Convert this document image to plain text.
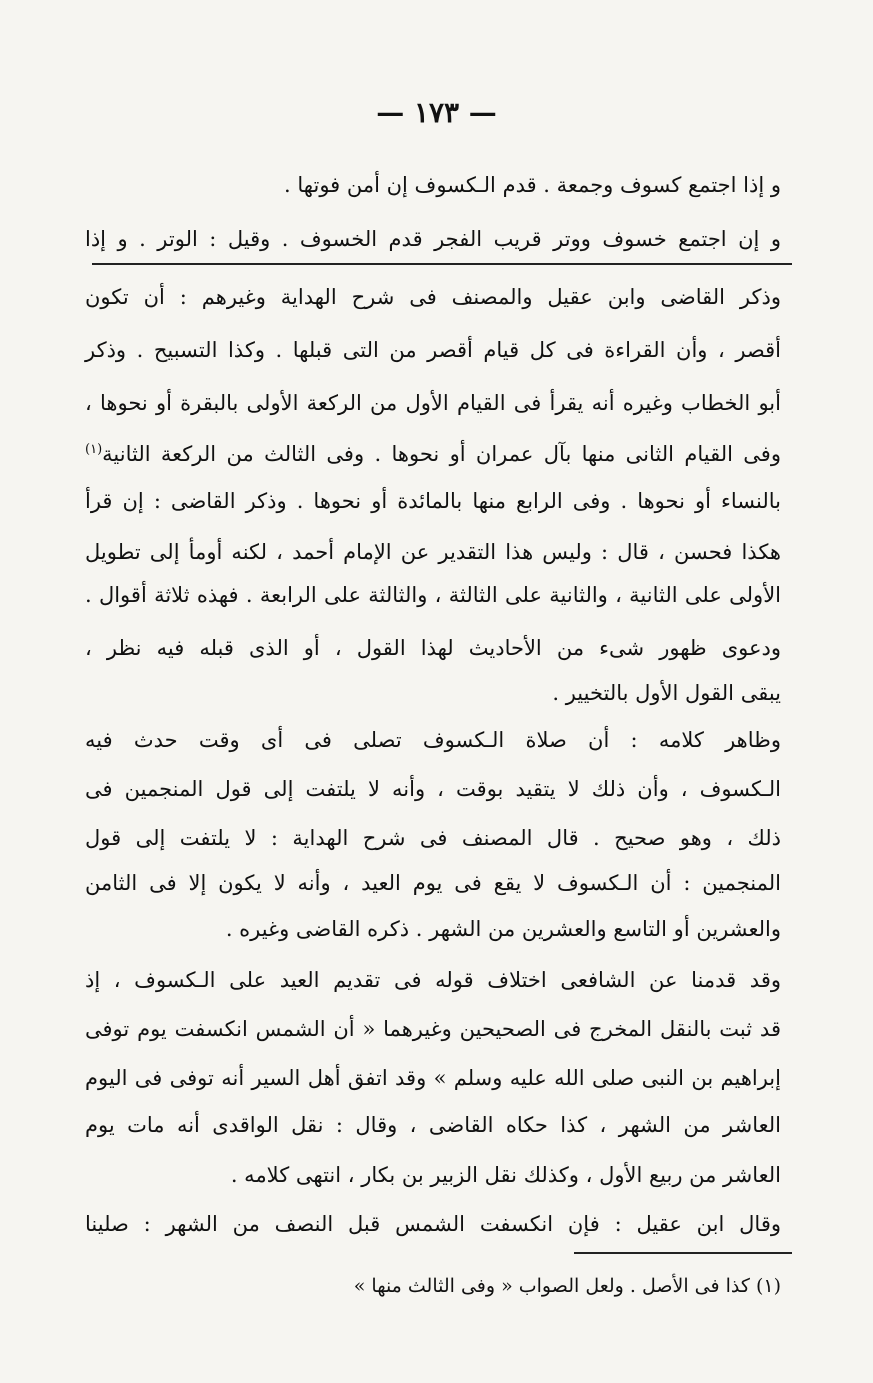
— ١٧٣ —
و إذا اجتمع كسوف وجمعة . قدم الـكسوف إن أمن فوتها .
و إن اجتمع خسوف ووتر قريب الفجر قدم الخسوف . وقيل : الوتر . و إذا
وذكر القاضى وابن عقيل والمصنف فى شرح الهداية وغيرهم : أن تكون
أقصر ، وأن القراءة فى كل قيام أقصر من التى قبلها . وكذا التسبيح . وذكر
أبو الخطاب وغيره أنه يقرأ فى القيام الأول من الركعة الأولى بالبقرة أو نحوها ،
وفى القيام الثانى منها بآل عمران أو نحوها . وفى الثالث من الركعة الثانية$^{(١)}$
بالنساء أو نحوها . وفى الرابع منها بالمائدة أو نحوها . وذكر القاضى : إن قرأ
هكذا فحسن ، قال : وليس هذا التقدير عن الإمام أحمد ، لكنه أومأ إلى تطويل
الأولى على الثانية ، والثانية على الثالثة ، والثالثة على الرابعة . فهذه ثلاثة أقوال .
ودعوى ظهور شىء من الأحاديث لهذا القول ، أو الذى قبله فيه نظر ،
يبقى القول الأول بالتخيير .
وظاهر كلامه : أن صلاة الـكسوف تصلى فى أى وقت حدث فيه
الـكسوف ، وأن ذلك لا يتقيد بوقت ، وأنه لا يلتفت إلى قول المنجمين فى
ذلك ، وهو صحيح . قال المصنف فى شرح الهداية : لا يلتفت إلى قول
المنجمين : أن الـكسوف لا يقع فى يوم العيد ، وأنه لا يكون إلا فى الثامن
والعشرين أو التاسع والعشرين من الشهر . ذكره القاضى وغيره .
وقد قدمنا عن الشافعى اختلاف قوله فى تقديم العيد على الـكسوف ، إذ
قد ثبت بالنقل المخرج فى الصحيحين وغيرهما « أن الشمس انكسفت يوم توفى
إبراهيم بن النبى صلى الله عليه وسلم » وقد اتفق أهل السير أنه توفى فى اليوم
العاشر من الشهر ، كذا حكاه القاضى ، وقال : نقل الواقدى أنه مات يوم
العاشر من ربيع الأول ، وكذلك نقل الزبير بن بكار ، انتهى كلامه .
وقال ابن عقيل : فإن انكسفت الشمس قبل النصف من الشهر : صلينا
(١) كذا فى الأصل . ولعل الصواب « وفى الثالث منها »
